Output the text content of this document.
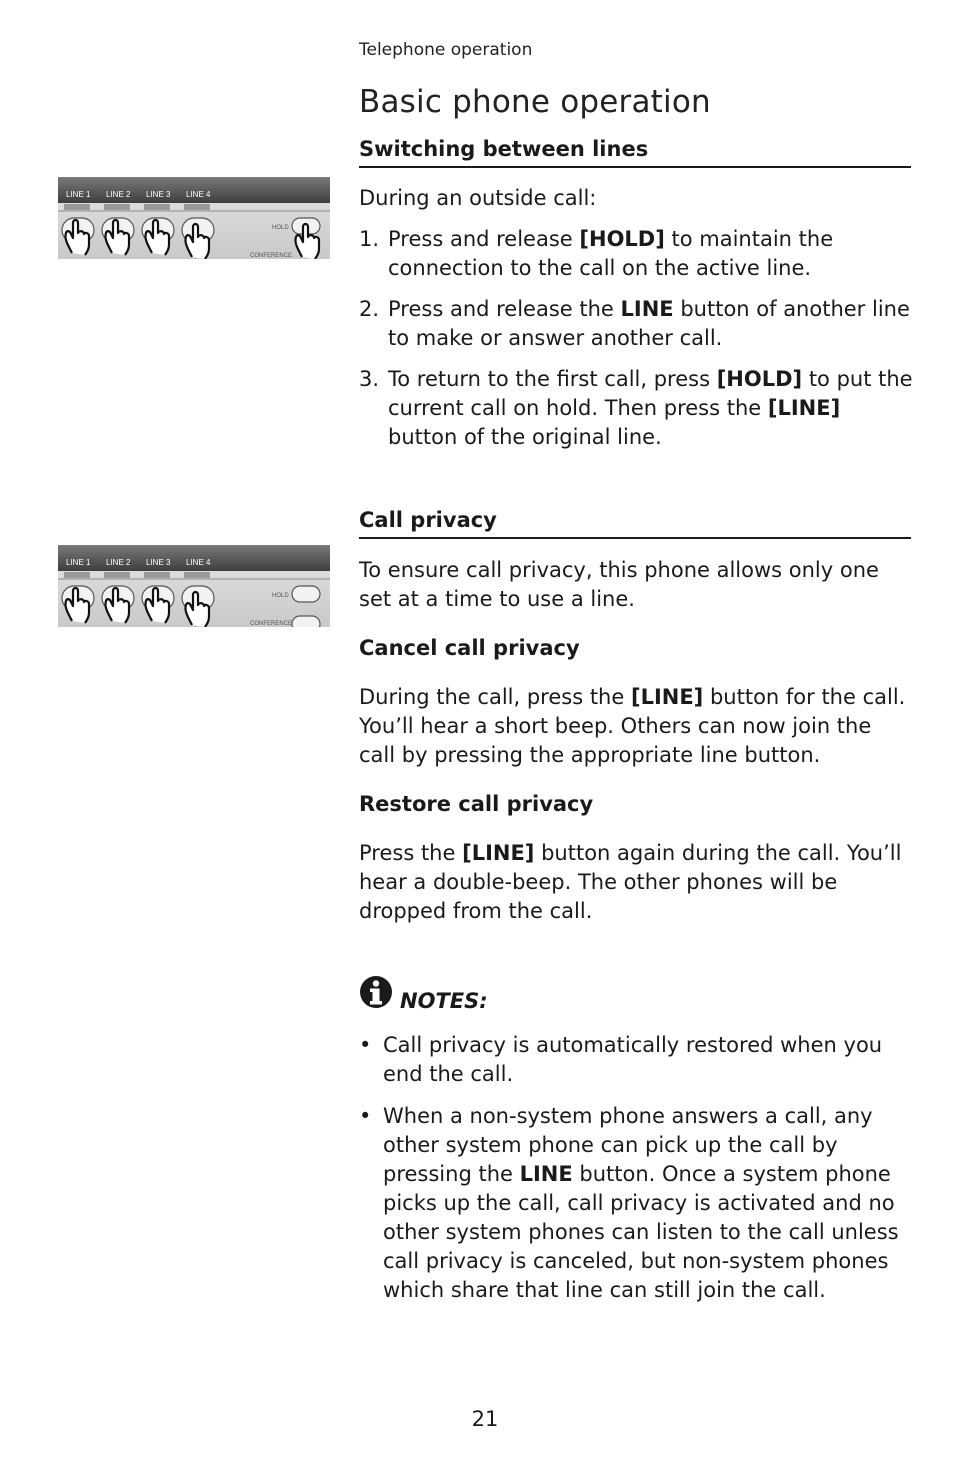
Telephone operation
Basic phone operation
LINE 1 LINE 2 LINE 3 LINE 4
HOLD
CONFERENCE
Switching between lines

During an outside call:

1. Press and release [HOLD] to maintain the connection to the call on the active line.
2. Press and release the LINE button of another line to make or answer another call.
3. To return to the first call, press [HOLD] to put the current call on hold. Then press the [LINE] button of the original line.
LINE 1 LINE 2 LINE 3 LINE 4
HOLD
CONFERENCE
Call privacy

To ensure call privacy, this phone allows only one set at a time to use a line.

Cancel call privacy

During the call, press the [LINE] button for the call. You’ll hear a short beep. Others can now join the call by pressing the appropriate line button.

Restore call privacy

Press the [LINE] button again during the call. You’ll hear a double-beep. The other phones will be dropped from the call.

NOTES:
• Call privacy is automatically restored when you end the call.
• When a non-system phone answers a call, any other system phone can pick up the call by pressing the LINE button. Once a system phone picks up the call, call privacy is activated and no other system phones can listen to the call unless call privacy is canceled, but non-system phones which share that line can still join the call.
21
